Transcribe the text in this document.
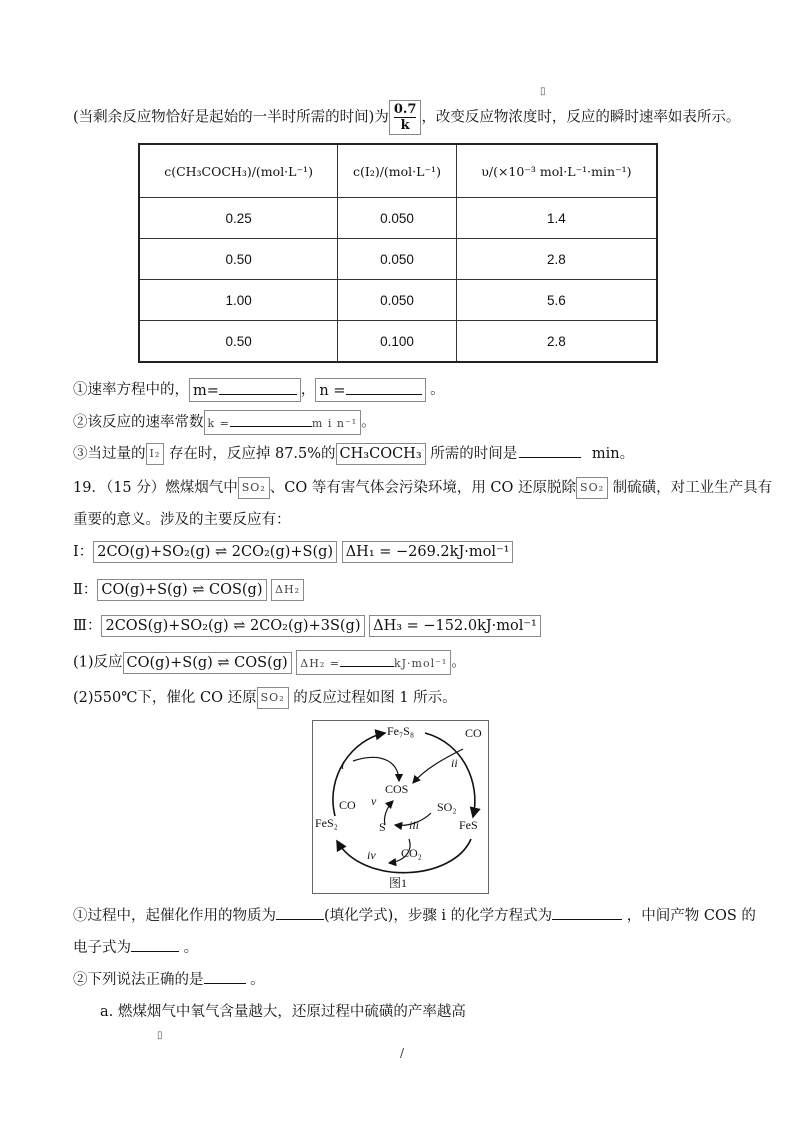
▯
(当剩余反应物恰好是起始的一半时所需的时间)为 $\frac{0.7}{k}$ ，改变反应物浓度时，反应的瞬时速率如表所示。
c(CH₃COCH₃)/(mol·L⁻¹)	c(I₂)/(mol·L⁻¹)	υ/(×10⁻³ mol·L⁻¹·min⁻¹)
0.25	0.050	1.4
0.50	0.050	2.8
1.00	0.050	5.6
0.50	0.100	2.8
①速率方程中的， m=	， n =	。
②该反应的速率常数 k =	m i n⁻¹ 。
③当过量的 I₂ 存在时，反应掉 87.5%的 CH₃COCH₃ 所需的时间是	min。
19．（15 分）燃煤烟气中 SO₂ 、CO 等有害气体会污染环境，用 CO 还原脱除 SO₂ 制硫磺，对工业生产具有
重要的意义。涉及的主要反应有：
Ⅰ： 2CO(g)+SO₂(g) ⇌ 2CO₂(g)+S(g) ΔH₁ = −269.2kJ·mol⁻¹
Ⅱ： CO(g)+S(g) ⇌ COS(g) ΔH₂
Ⅲ： 2COS(g)+SO₂(g) ⇌ 2CO₂(g)+3S(g) ΔH₃ = −152.0kJ·mol⁻¹
(1)反应 CO(g)+S(g) ⇌ COS(g) ΔH₂ =	kJ·mol⁻¹ 。
(2)550℃下，催化 CO 还原 SO₂ 的反应过程如图 1 所示。
Fe₇S₈	CO
COS
CO	SO₂
FeS₂	FeS
S
CO₂
i	ii
iii
iv
v
图1
①过程中，起催化作用的物质为	(填化学式)，步骤 i 的化学方程式为	，中间产物 COS 的
电子式为	。
②下列说法正确的是	。
a. 燃煤烟气中氧气含量越大，还原过程中硫磺的产率越高
▯
/
